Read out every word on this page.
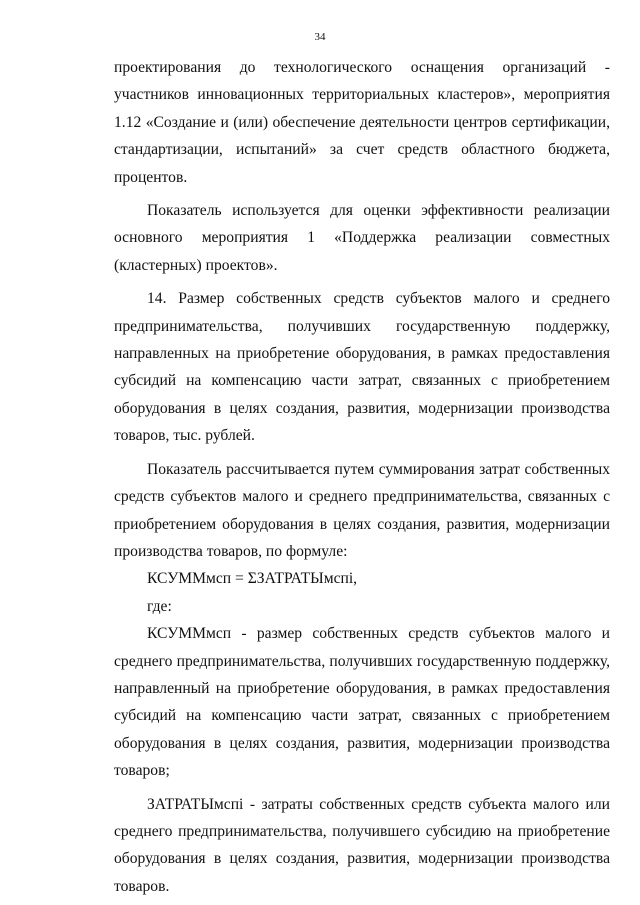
34

проектирования до технологического оснащения организаций - участников инновационных территориальных кластеров», мероприятия 1.12 «Создание и (или) обеспечение деятельности центров сертификации, стандартизации, испытаний» за счет средств областного бюджета, процентов.

Показатель используется для оценки эффективности реализации основного мероприятия 1 «Поддержка реализации совместных (кластерных) проектов».

14. Размер собственных средств субъектов малого и среднего предпринимательства, получивших государственную поддержку, направленных на приобретение оборудования, в рамках предоставления субсидий на компенсацию части затрат, связанных с приобретением оборудования в целях создания, развития, модернизации производства товаров, тыс. рублей.

Показатель рассчитывается путем суммирования затрат собственных средств субъектов малого и среднего предпринимательства, связанных с приобретением оборудования в целях создания, развития, модернизации производства товаров, по формуле:

КСУММмсп = ΣЗАТРАТЫмспi,

где:

КСУММмсп - размер собственных средств субъектов малого и среднего предпринимательства, получивших государственную поддержку, направленный на приобретение оборудования, в рамках предоставления субсидий на компенсацию части затрат, связанных с приобретением оборудования в целях создания, развития, модернизации производства товаров;

ЗАТРАТЫмспi - затраты собственных средств субъекта малого или среднего предпринимательства, получившего субсидию на приобретение оборудования в целях создания, развития, модернизации производства товаров.
